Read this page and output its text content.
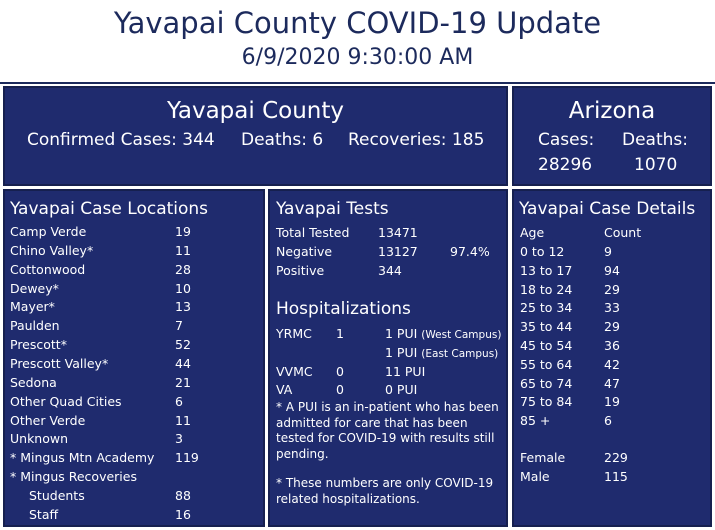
Yavapai County COVID-19 Update
6/9/2020 9:30:00 AM
Yavapai County
Confirmed Cases: 344 Deaths: 6 Recoveries: 185
Arizona
Cases: Deaths:
28296 1070
Yavapai Case Locations
Camp Verde	19
Chino Valley*	11
Cottonwood	28
Dewey*	10
Mayer*	13
Paulden	7
Prescott*	52
Prescott Valley*	44
Sedona	21
Other Quad Cities	6
Other Verde	11
Unknown	3
* Mingus Mtn Academy 119
* Mingus Recoveries
Students	88
Staff	16
Yavapai Tests
Total Tested 13471
Negative	13127	97.4%
Positive	344
Hospitalizations
YRMC 1	1 PUI (West Campus)
1 PUI (East Campus)
VVMC 0	11 PUI
VA	0	0 PUI
* A PUI is an in-patient who has been admitted for care that has been tested for COVID-19 with results still pending.
* These numbers are only COVID-19 related hospitalizations.
Yavapai Case Details
Age	Count
0 to 12	9
13 to 17	94
18 to 24	29
25 to 34	33
35 to 44	29
45 to 54	36
55 to 64	42
65 to 74	47
75 to 84	19
85 +	6
Female	229
Male	115
